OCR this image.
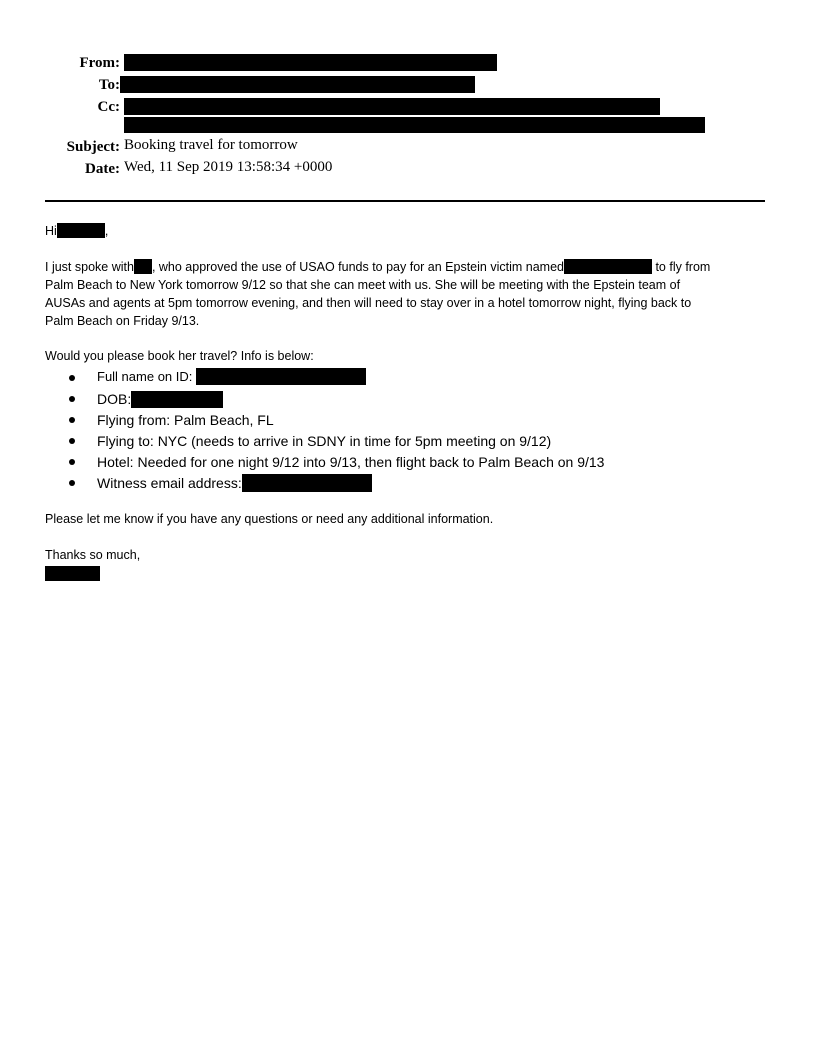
From:
To:
Cc:
Subject: Booking travel for tomorrow
Date: Wed, 11 Sep 2019 13:58:34 +0000
Hi	,
I just spoke with , who approved the use of USAO funds to pay for an Epstein victim named	to fly from
Palm Beach to New York tomorrow 9/12 so that she can meet with us. She will be meeting with the Epstein team of
AUSAs and agents at 5pm tomorrow evening, and then will need to stay over in a hotel tomorrow night, flying back to
Palm Beach on Friday 9/13.
Would you please book her travel? Info is below:
Full name on ID:
DOB:
Flying from: Palm Beach, FL
Flying to: NYC (needs to arrive in SDNY in time for 5pm meeting on 9/12)
Hotel: Needed for one night 9/12 into 9/13, then flight back to Palm Beach on 9/13
Witness email address:
Please let me know if you have any questions or need any additional information.
Thanks so much,
